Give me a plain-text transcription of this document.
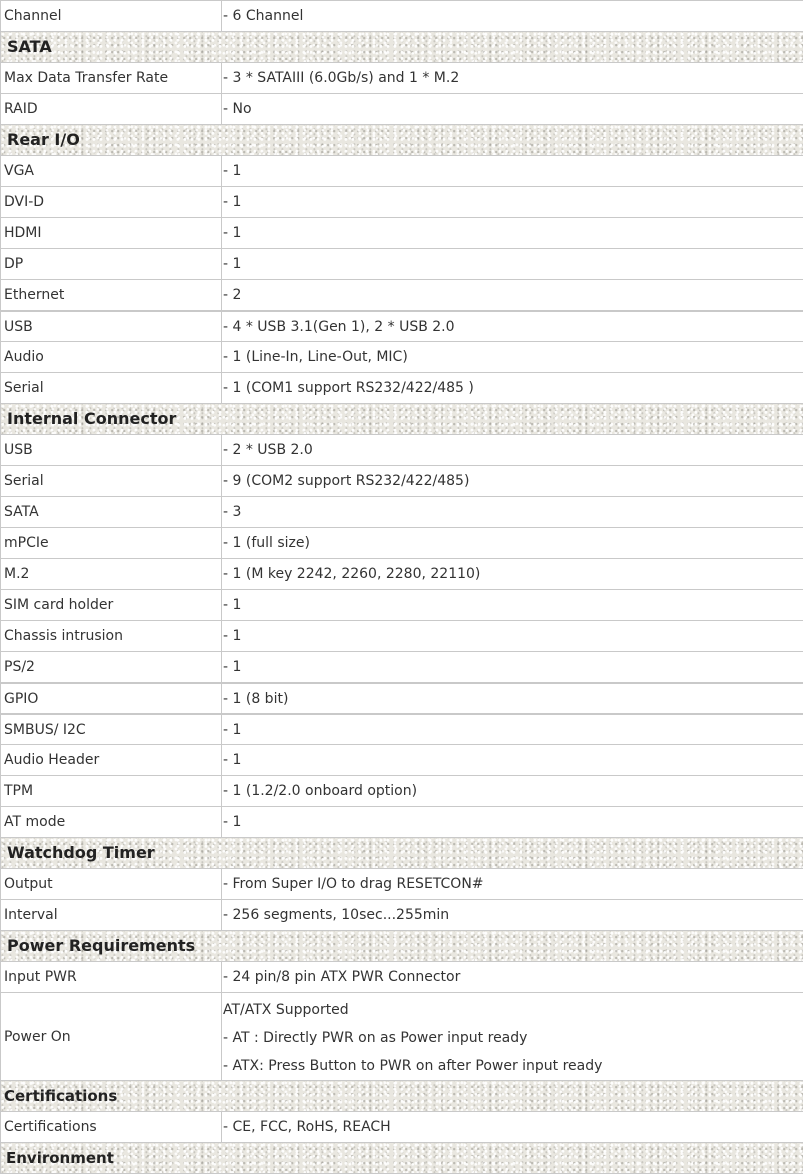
Channel	- 6 Channel
SATA	
Max Data Transfer Rate	- 3 * SATAIII (6.0Gb/s) and 1 * M.2
RAID	- No
Rear I/O	
VGA	- 1
DVI-D	- 1
HDMI	- 1
DP	- 1
Ethernet	- 2
USB	- 4 * USB 3.1(Gen 1), 2 * USB 2.0
Audio	- 1 (Line-In, Line-Out, MIC)
Serial	- 1 (COM1 support RS232/422/485 )
Internal Connector	
USB	- 2 * USB 2.0
Serial	- 9 (COM2 support RS232/422/485)
SATA	- 3
mPCIe	- 1 (full size)
M.2	- 1 (M key 2242, 2260, 2280, 22110)
SIM card holder	- 1
Chassis intrusion	- 1
PS/2	- 1
GPIO	- 1 (8 bit)
SMBUS/ I2C	- 1
Audio Header	- 1
TPM	- 1 (1.2/2.0 onboard option)
AT mode	- 1
Watchdog Timer	
Output	- From Super I/O to drag RESETCON#
Interval	- 256 segments, 10sec...255min
Power Requirements	
Input PWR	- 24 pin/8 pin ATX PWR Connector
Power On	AT/ATX Supported
- AT : Directly PWR on as Power input ready
- ATX: Press Button to PWR on after Power input ready

Certifications	
Certifications	- CE, FCC, RoHS, REACH
Environment	
